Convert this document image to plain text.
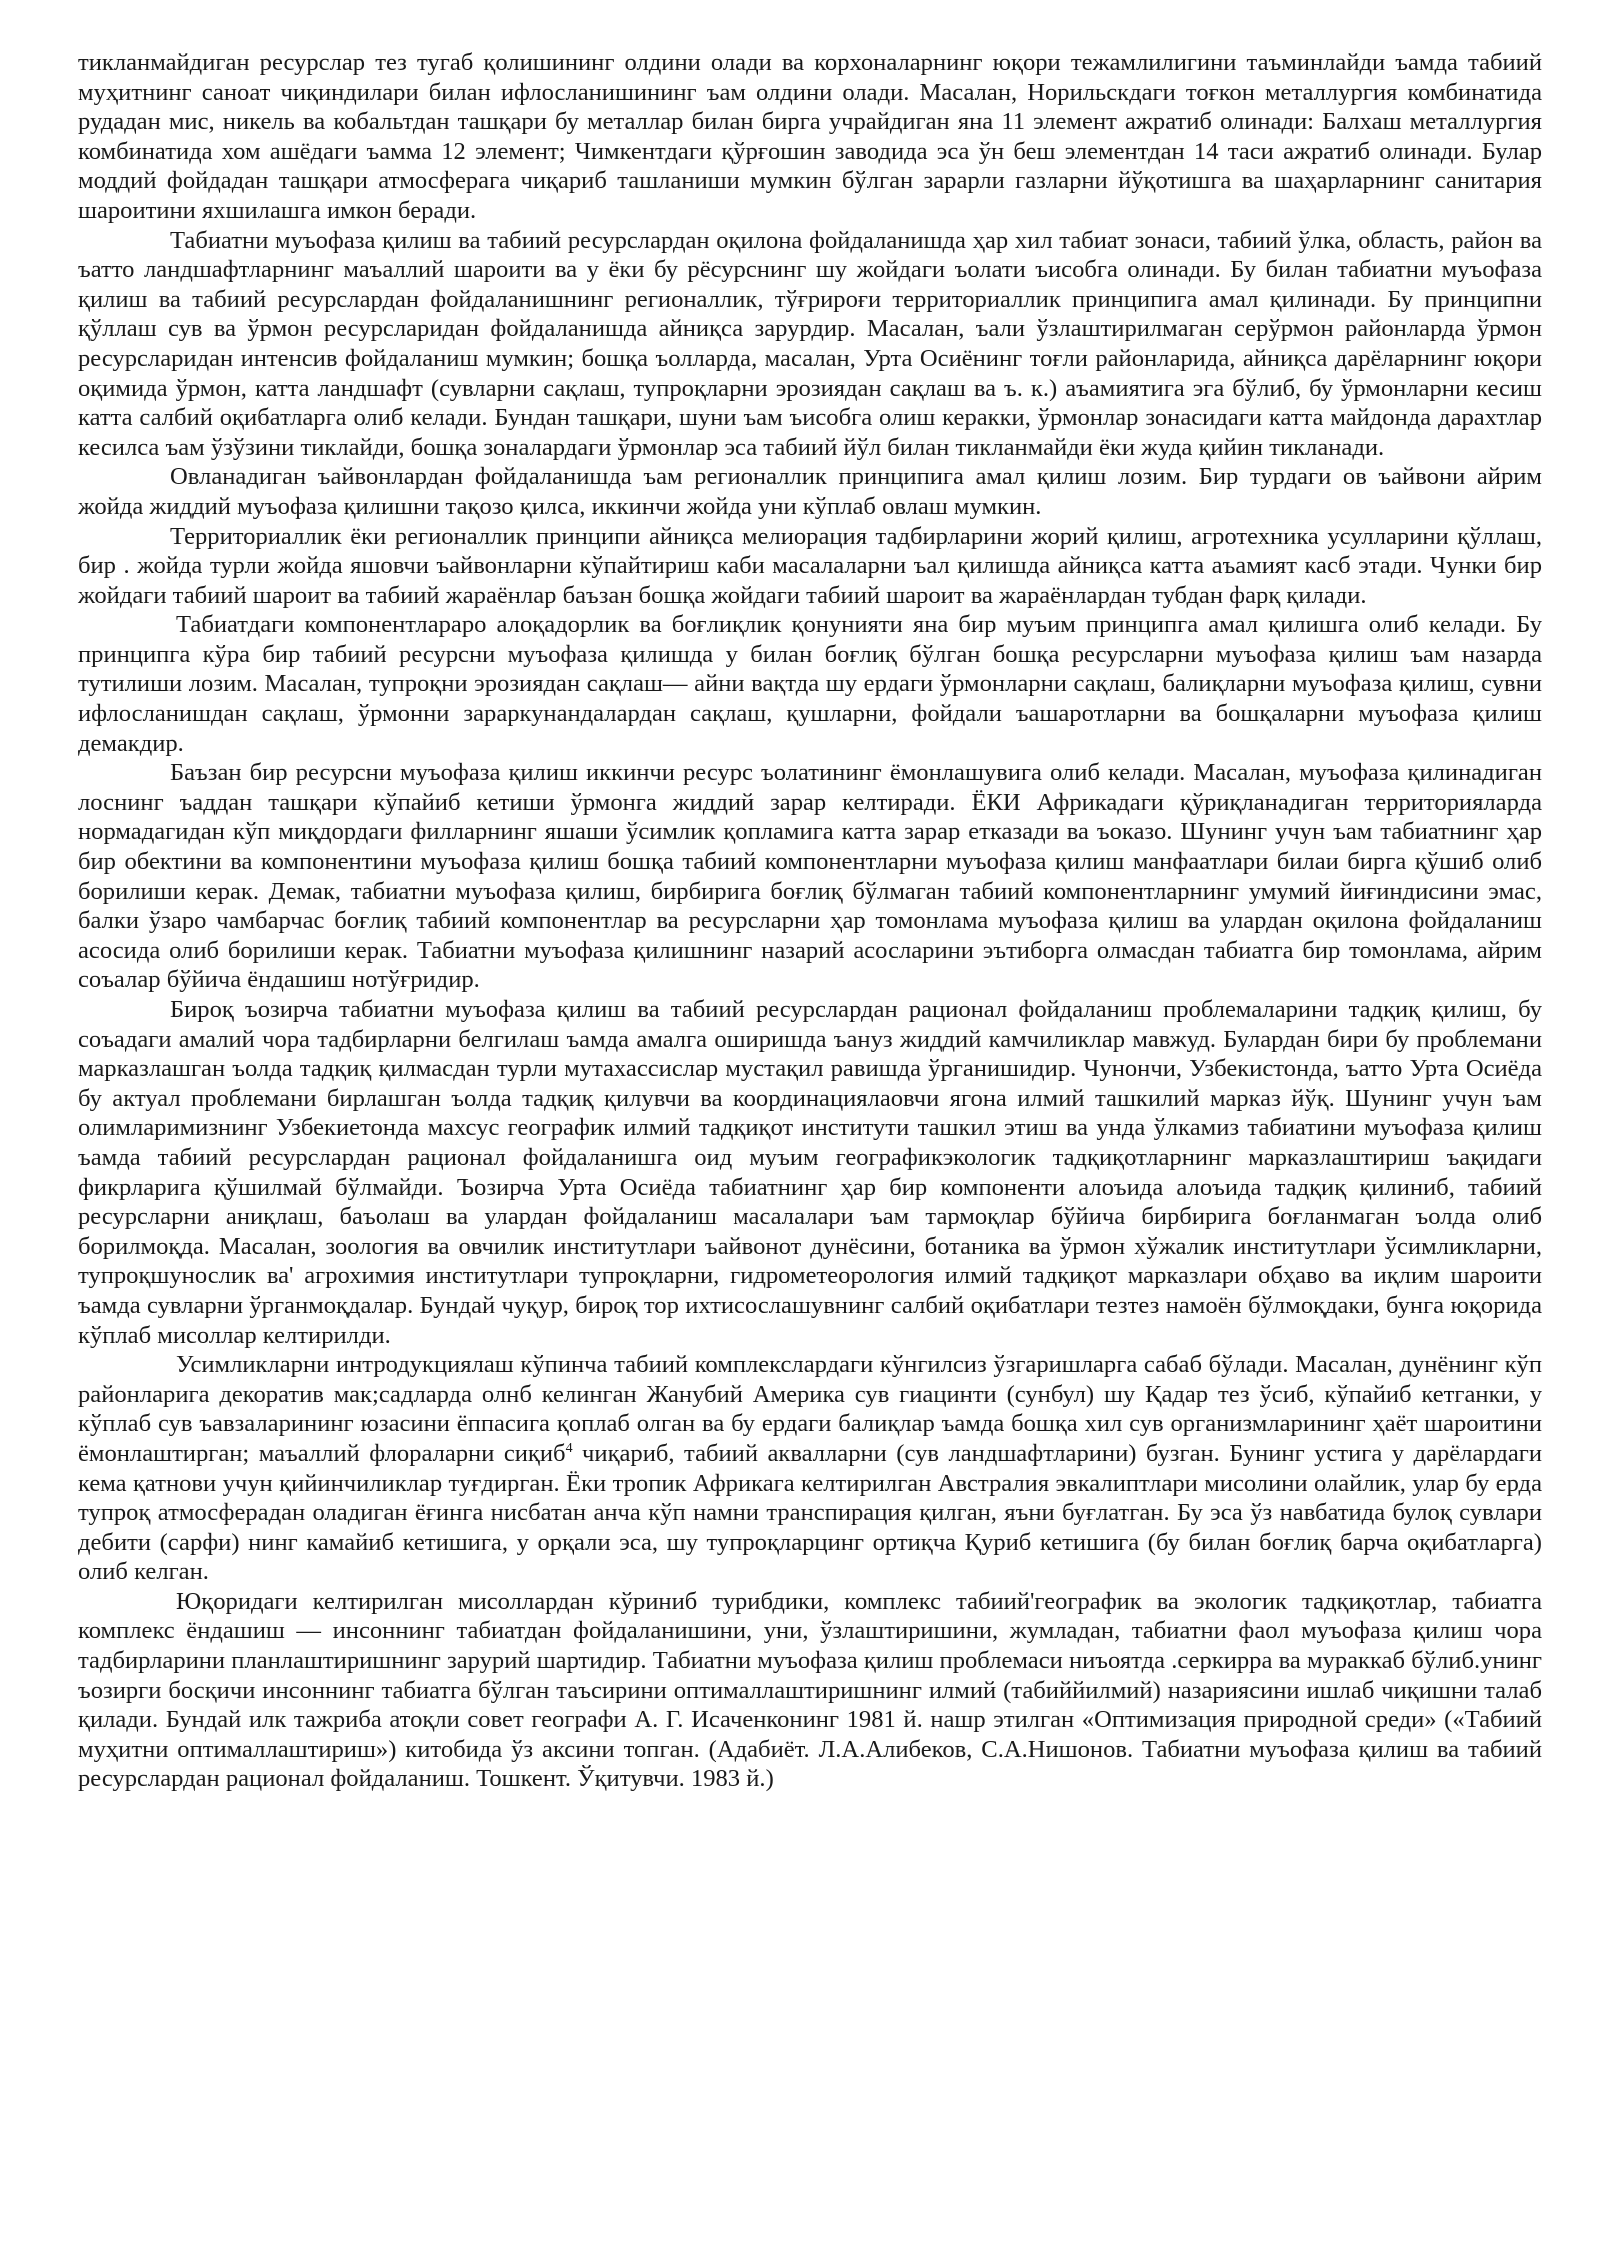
тикланмайдиган ресурслар тез тугаб қолишининг олдини олади ва корхоналарнинг юқори тежамлилигини таъминлайди ъамда табиий муҳитнинг саноат чиқиндилари билан ифлосланишининг ъам олдини олади. Масалан, Норильскдаги тоғкон металлургия комбинатида рудадан мис, никель ва кобальтдан ташқари бу металлар билан бирга учрайдиган яна 11 элемент ажратиб олинади: Балхаш металлургия комбинатида хом ашёдаги ъамма 12 элемент; Чимкентдаги қўрғошин заводида эса ўн беш элементдан 14 таси ажратиб олинади. Булар моддий фойдадан ташқари атмосферага чиқариб ташланиши мумкин бўлган зарарли газларни йўқотишга ва шаҳарларнинг санитария шароитини яхшилашга имкон беради.

Табиатни муъофаза қилиш ва табиий ресурслардан оқилона фойдаланишда ҳар хил табиат зонаси, табиий ўлка, область, район ва ъатто ландшафтларнинг маъаллий шароити ва у ёки бу рёсурснинг шу жойдаги ъолати ъисобга олинади. Бу билан табиатни муъофаза қилиш ва табиий ресурслардан фойдаланишнинг регионаллик, тўғрироғи территориаллик принципига амал қилинади. Бу принципни қўллаш сув ва ўрмон ресурсларидан фойдаланишда айниқса зарурдир. Масалан, ъали ўзлаштирилмаган серўрмон районларда ўрмон ресурсларидан интенсив фойдаланиш мумкин; бошқа ъолларда, масалан, Урта Осиёнинг тоғли районларида, айниқса дарёларнинг юқори оқимида ўрмон, катта ландшафт (сувларни сақлаш, тупроқларни эрозиядан сақлаш ва ъ. к.) аъамиятига эга бўлиб, бу ўрмонларни кесиш катта салбий оқибатларга олиб келади. Бундан ташқари, шуни ъам ъисобга олиш керакки, ўрмонлар зонасидаги катта майдонда дарахтлар кесилса ъам ўзўзини тиклайди, бошқа зоналардаги ўрмонлар эса табиий йўл билан тикланмайди ёки жуда қийин тикланади.

Овланадиган ъайвонлардан фойдаланишда ъам регионаллик принципига амал қилиш лозим. Бир турдаги ов ъайвони айрим жойда жиддий муъофаза қилишни тақозо қилса, иккинчи жойда уни кўплаб овлаш мумкин.

Территориаллик ёки регионаллик принципи айниқса мелиорация тадбирларини жорий қилиш, агротехника усулларини қўллаш, бир . жойда турли жойда яшовчи ъайвонларни кўпайтириш каби масалаларни ъал қилишда айниқса катта аъамият касб этади. Чунки бир жойдаги табиий шароит ва табиий жараёнлар баъзан бошқа жойдаги табиий шароит ва жараёнлардан тубдан фарқ қилади.

Табиатдаги компонентлараро алоқадорлик ва боғлиқлик қонунияти яна бир муъим принципга амал қилишга олиб келади. Бу принципга кўра бир табиий ресурсни муъофаза қилишда у билан боғлиқ бўлган бошқа ресурсларни муъофаза қилиш ъам назарда тутилиши лозим. Масалан, тупроқни эрозиядан сақлаш— айни вақтда шу ердаги ўрмонларни сақлаш, балиқларни муъофаза қилиш, сувни ифлосланишдан сақлаш, ўрмонни зараркунандалардан сақлаш, қушларни, фойдали ъашаротларни ва бошқаларни муъофаза қилиш демакдир.

Баъзан бир ресурсни муъофаза қилиш иккинчи ресурс ъолатининг ёмонлашувига олиб келади. Масалан, муъофаза қилинадиган лоснинг ъаддан ташқари кўпайиб кетиши ўрмонга жиддий зарар келтиради. ЁКИ Африкадаги қўриқланадиган территорияларда нормадагидан кўп миқдордаги филларнинг яшаши ўсимлик қопламига катта зарар етказади ва ъоказо. Шунинг учун ъам табиатнинг ҳар бир обектини ва компонентини муъофаза қилиш бошқа табиий компонентларни муъофаза қилиш манфаатлари билаи бирга қўшиб олиб борилиши керак. Демак, табиатни муъофаза қилиш, бирбирига боғлиқ бўлмаган табиий компонентларнинг умумий йиғиндисини эмас, балки ўзаро чамбарчас боғлиқ табиий компонентлар ва ресурсларни ҳар томонлама муъофаза қилиш ва улардан оқилона фойдаланиш асосида олиб борилиши керак. Табиатни муъофаза қилишнинг назарий асосларини эътиборга олмасдан табиатга бир томонлама, айрим соъалар бўйича ёндашиш нотўғридир.

Бироқ ъозирча табиатни муъофаза қилиш ва табиий ресурслардан рационал фойдаланиш проблемаларини тадқиқ қилиш, бу соъадаги амалий чора тадбирларни белгилаш ъамда амалга оширишда ъануз жиддий камчиликлар мавжуд. Булардан бири бу проблемани марказлашган ъолда тадқиқ қилмасдан турли мутахассислар мустақил равишда ўрганишидир. Чунончи, Узбекистонда, ъатто Урта Осиёда бу актуал проблемани бирлашган ъолда тадқиқ қилувчи ва координациялаовчи ягона илмий ташкилий марказ йўқ. Шунинг учун ъам олимларимизнинг Узбекиетонда махсус географик илмий тадқиқот институти ташкил этиш ва унда ўлкамиз табиатини муъофаза қилиш ъамда табиий ресурслардан рационал фойдаланишга оид муъим географикэкологик тадқиқотларнинг марказлаштириш ъақидаги фикрларига қўшилмай бўлмайди. Ъозирча Урта Осиёда табиатнинг ҳар бир компоненти алоъида алоъида тадқиқ қилиниб, табиий ресурсларни аниқлаш, баъолаш ва улардан фойдаланиш масалалари ъам тармоқлар бўйича бирбирига боғланмаган ъолда олиб борилмоқда. Масалан, зоология ва овчилик институтлари ъайвонот дунёсини, ботаника ва ўрмон хўжалик институтлари ўсимликларни, тупроқшунослик ва' агрохимия институтлари тупроқларни, гидрометеорология илмий тадқиқот марказлари обҳаво ва иқлим шароити ъамда сувларни ўрганмоқдалар. Бундай чуқур, бироқ тор ихтисослашувнинг салбий оқибатлари тезтез намоён бўлмоқдаки, бунга юқорида кўплаб мисоллар келтирилди.

Усимликларни интродукциялаш кўпинча табиий комплекслардаги кўнгилсиз ўзгаришларга сабаб бўлади. Масалан, дунёнинг кўп районларига декоратив мак;садларда олнб келинган Жанубий Америка сув гиацинти (сунбул) шу Қадар тез ўсиб, кўпайиб кетганки, у кўплаб сув ъавзаларининг юзасини ёппасига қоплаб олган ва бу ердаги балиқлар ъамда бошқа хил сув организмларининг ҳаёт шароитини ёмонлаштирган; маъаллий флораларни сиқиб$^4$ чиқариб, табиий аквалларни (сув ландшафтларини) бузган. Бунинг устига у дарёлардаги кема қатнови учун қийинчиликлар туғдирган. Ёки тропик Африкага келтирилган Австралия эвкалиптлари мисолини олайлик, улар бу ерда тупроқ атмосферадан оладиган ёғинга нисбатан анча кўп намни транспирация қилган, яъни буғлатган. Бу эса ўз навбатида булоқ сувлари дебити (сарфи) нинг камайиб кетишига, у орқали эса, шу тупроқларцинг ортиқча Қуриб кетишига (бу билан боғлиқ барча оқибатларга) олиб келган.

Юқоридаги келтирилган мисоллардан кўриниб турибдики, комплекс табиий'географик ва экологик тадқиқотлар, табиатга комплекс ёндашиш — инсоннинг табиатдан фойдаланишини, уни, ўзлаштиришини, жумладан, табиатни фаол муъофаза қилиш чора тадбирларини планлаштиришнинг зарурий шартидир. Табиатни муъофаза қилиш проблемаси ниъоятда .серкирра ва мураккаб бўлиб.унинг ъозирги босқичи инсоннинг табиатга бўлган таъсирини оптималлаштиришнинг илмий (табиййилмий) назариясини ишлаб чиқишни талаб қилади. Бундай илк тажриба атоқли совет географи А. Г. Исаченконинг 1981 й. нашр этилган «Оптимизация природной среди» («Табиий муҳитни оптималлаштириш») китобида ўз аксини топган. (Адабиёт. Л.А.Алибеков, С.А.Нишонов. Табиатни муъофаза қилиш ва табиий ресурслардан рационал фойдаланиш. Тошкент. Ўқитувчи. 1983 й.)
